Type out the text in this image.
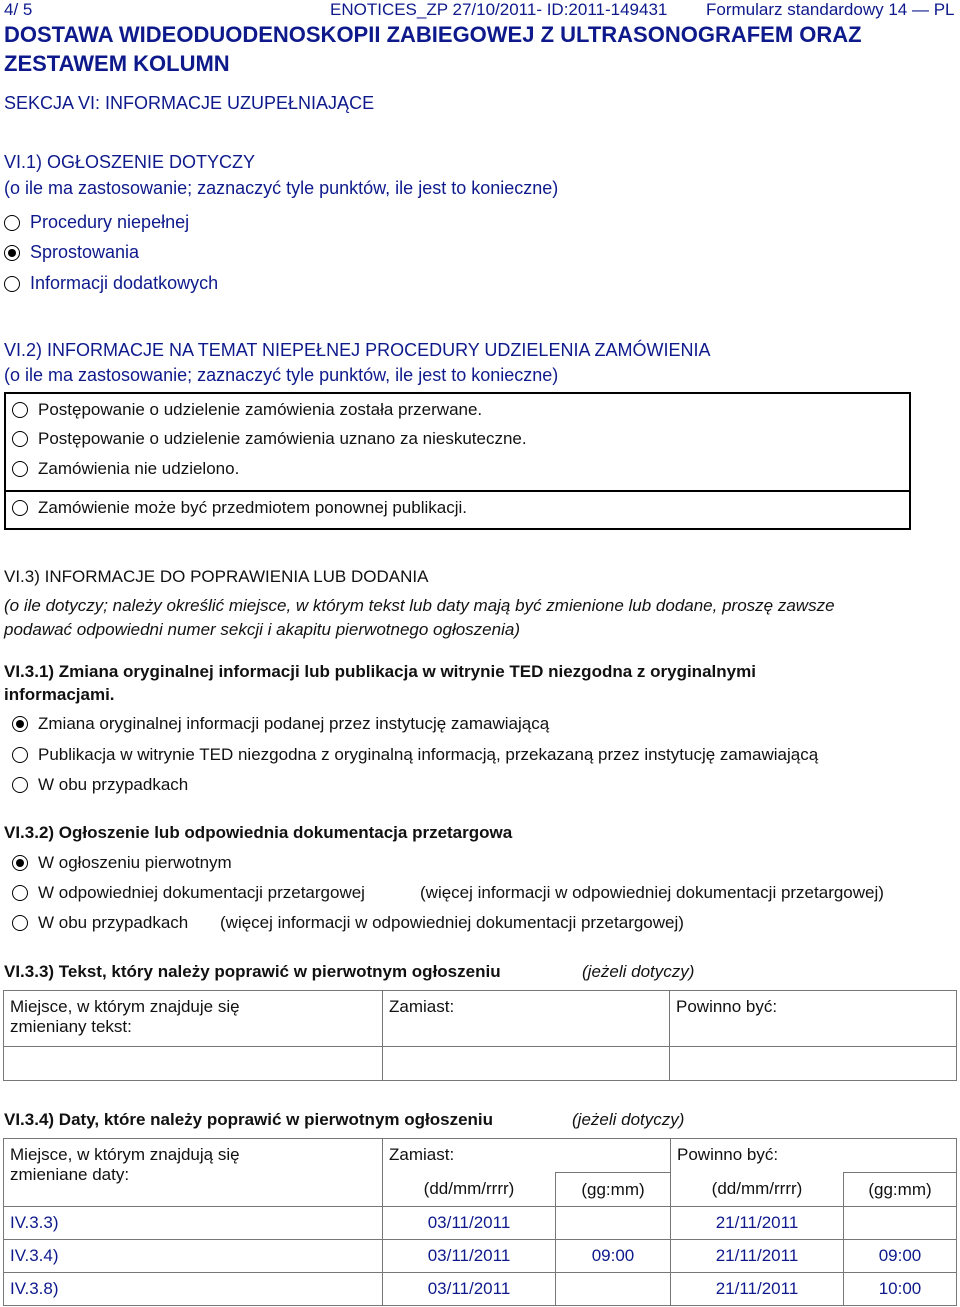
4/ 5	ENOTICES_ZP 27/10/2011- ID:2011-149431 Formularz standardowy 14 — PL
DOSTAWA WIDEODUODENOSKOPII ZABIEGOWEJ Z ULTRASONOGRAFEM ORAZ
ZESTAWEM KOLUMN
SEKCJA VI: INFORMACJE UZUPEŁNIAJĄCE
VI.1) OGŁOSZENIE DOTYCZY
(o ile ma zastosowanie; zaznaczyć tyle punktów, ile jest to konieczne)
Procedury niepełnej
Sprostowania
Informacji dodatkowych
VI.2) INFORMACJE NA TEMAT NIEPEŁNEJ PROCEDURY UDZIELENIA ZAMÓWIENIA
(o ile ma zastosowanie; zaznaczyć tyle punktów, ile jest to konieczne)
Postępowanie o udzielenie zamówienia została przerwane.
Postępowanie o udzielenie zamówienia uznano za nieskuteczne.
Zamówienia nie udzielono.
Zamówienie może być przedmiotem ponownej publikacji.
VI.3) INFORMACJE DO POPRAWIENIA LUB DODANIA
(o ile dotyczy; należy określić miejsce, w którym tekst lub daty mają być zmienione lub dodane, proszę zawsze
podawać odpowiedni numer sekcji i akapitu pierwotnego ogłoszenia)
VI.3.1) Zmiana oryginalnej informacji lub publikacja w witrynie TED niezgodna z oryginalnymi
informacjami.
Zmiana oryginalnej informacji podanej przez instytucję zamawiającą
Publikacja w witrynie TED niezgodna z oryginalną informacją, przekazaną przez instytucję zamawiającą
W obu przypadkach
VI.3.2) Ogłoszenie lub odpowiednia dokumentacja przetargowa
W ogłoszeniu pierwotnym
W odpowiedniej dokumentacji przetargowej	(więcej informacji w odpowiedniej dokumentacji przetargowej)
W obu przypadkach (więcej informacji w odpowiedniej dokumentacji przetargowej)
VI.3.3) Tekst, który należy poprawić w pierwotnym ogłoszeniu	(jeżeli dotyczy)
Miejsce, w którym znajduje się
zmieniany tekst:	Zamiast:	Powinno być:

VI.3.4) Daty, które należy poprawić w pierwotnym ogłoszeniu	(jeżeli dotyczy)
Miejsce, w którym znajdują się
zmieniane daty:	Zamiast:		Powinno być:	
	(dd/mm/rrrr)	(gg:mm)	(dd/mm/rrrr)	(gg:mm)
IV.3.3)	03/11/2011		21/11/2011	
IV.3.4)	03/11/2011	09:00	21/11/2011	09:00
IV.3.8)	03/11/2011		21/11/2011	10:00
